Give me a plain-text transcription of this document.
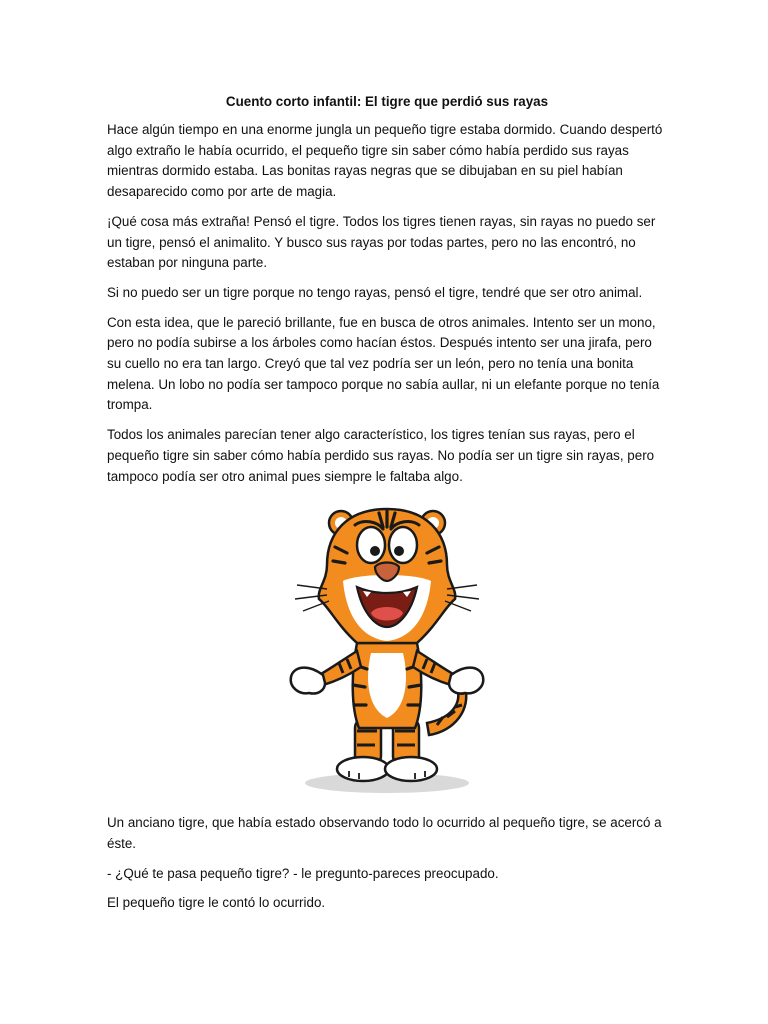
Cuento corto infantil: El tigre que perdió sus rayas

Hace algún tiempo en una enorme jungla un pequeño tigre estaba dormido. Cuando despertó algo extraño le había ocurrido, el pequeño tigre sin saber cómo había perdido sus rayas mientras dormido estaba. Las bonitas rayas negras que se dibujaban en su piel habían desaparecido como por arte de magia.

¡Qué cosa más extraña! Pensó el tigre. Todos los tigres tienen rayas, sin rayas no puedo ser un tigre, pensó el animalito. Y busco sus rayas por todas partes, pero no las encontró, no estaban por ninguna parte.

Si no puedo ser un tigre porque no tengo rayas, pensó el tigre, tendré que ser otro animal.

Con esta idea, que le pareció brillante, fue en busca de otros animales. Intento ser un mono, pero no podía subirse a los árboles como hacían éstos. Después intento ser una jirafa, pero su cuello no era tan largo. Creyó que tal vez podría ser un león, pero no tenía una bonita melena. Un lobo no podía ser tampoco porque no sabía aullar, ni un elefante porque no tenía trompa.

Todos los animales parecían tener algo característico, los tigres tenían sus rayas, pero el pequeño tigre sin saber cómo había perdido sus rayas. No podía ser un tigre sin rayas, pero tampoco podía ser otro animal pues siempre le faltaba algo.

Un anciano tigre, que había estado observando todo lo ocurrido al pequeño tigre, se acercó a éste.

- ¿Qué te pasa pequeño tigre? - le pregunto-pareces preocupado.

El pequeño tigre le contó lo ocurrido.
